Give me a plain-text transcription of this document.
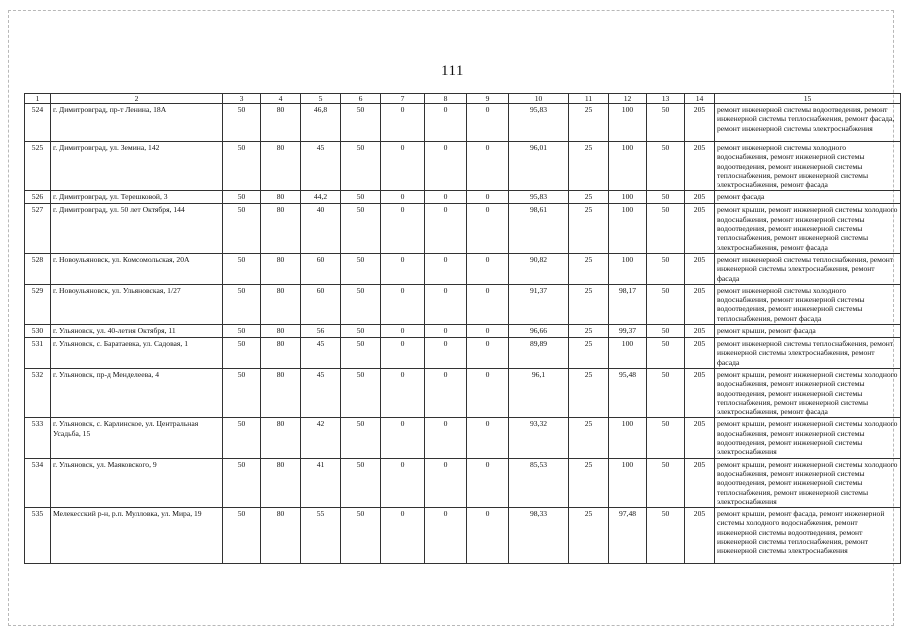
111
1	2	3	4	5	6	7	8	9	10	11	12	13	14	15
524	г. Димитровград, пр-т Ленина, 18А	50	80	46,8	50	0	0	0	95,83	25	100	50	205	ремонт инженерной системы водоотведения, ремонт инженерной системы теплоснабжения, ремонт фасада, ремонт инженерной системы электроснабжения
525	г. Димитровград, ул. Земина, 142	50	80	45	50	0	0	0	96,01	25	100	50	205	ремонт инженерной системы холодного водоснабжения, ремонт инженерной системы водоотведения, ремонт инженерной системы теплоснабжения, ремонт инженерной системы электроснабжения, ремонт фасада
526	г. Димитровград, ул. Терешковой, 3	50	80	44,2	50	0	0	0	95,83	25	100	50	205	ремонт фасада
527	г. Димитровград, ул. 50 лет Октября, 144	50	80	40	50	0	0	0	98,61	25	100	50	205	ремонт крыши, ремонт инженерной системы холодного водоснабжения, ремонт инженерной системы водоотведения, ремонт инженерной системы теплоснабжения, ремонт инженерной системы электроснабжения, ремонт фасада
528	г. Новоульяновск, ул. Комсомольская, 20А	50	80	60	50	0	0	0	90,82	25	100	50	205	ремонт инженерной системы теплоснабжения, ремонт инженерной системы электроснабжения, ремонт фасада
529	г. Новоульяновск, ул. Ульяновская, 1/27	50	80	60	50	0	0	0	91,37	25	98,17	50	205	ремонт инженерной системы холодного водоснабжения, ремонт инженерной системы водоотведения, ремонт инженерной системы теплоснабжения, ремонт фасада
530	г. Ульяновск, ул. 40-летия Октября, 11	50	80	56	50	0	0	0	96,66	25	99,37	50	205	ремонт крыши, ремонт фасада
531	г. Ульяновск, с. Баратаевка, ул. Садовая, 1	50	80	45	50	0	0	0	89,89	25	100	50	205	ремонт инженерной системы теплоснабжения, ремонт инженерной системы электроснабжения, ремонт фасада
532	г. Ульяновск, пр-д Менделеева, 4	50	80	45	50	0	0	0	96,1	25	95,48	50	205	ремонт крыши, ремонт инженерной системы холодного водоснабжения, ремонт инженерной системы водоотведения, ремонт инженерной системы теплоснабжения, ремонт инженерной системы электроснабжения, ремонт фасада
533	г. Ульяновск, с. Карлинское, ул. Центральная Усадьба, 15	50	80	42	50	0	0	0	93,32	25	100	50	205	ремонт крыши, ремонт инженерной системы холодного водоснабжения, ремонт инженерной системы водоотведения, ремонт инженерной системы электроснабжения
534	г. Ульяновск, ул. Маяковского, 9	50	80	41	50	0	0	0	85,53	25	100	50	205	ремонт крыши, ремонт инженерной системы холодного водоснабжения, ремонт инженерной системы водоотведения, ремонт инженерной системы теплоснабжения, ремонт инженерной системы электроснабжения
535	Мелекесский р-н, р.п. Мулловка, ул. Мира, 19	50	80	55	50	0	0	0	98,33	25	97,48	50	205	ремонт крыши, ремонт фасада, ремонт инженерной системы холодного водоснабжения, ремонт инженерной системы водоотведения, ремонт инженерной системы теплоснабжения, ремонт инженерной системы электроснабжения
